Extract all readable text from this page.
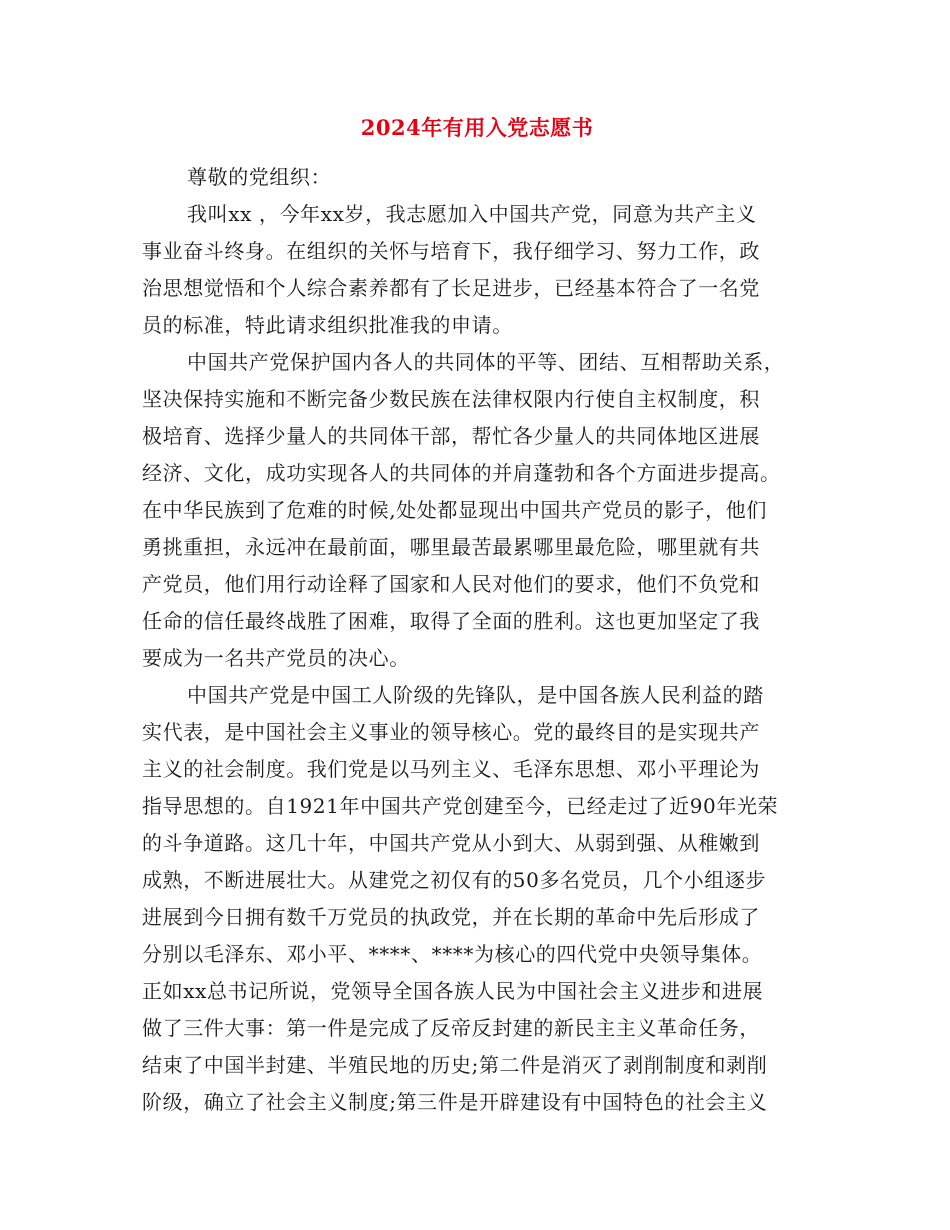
2024年有用入党志愿书
尊敬的党组织：
我叫xx ，今年xx岁，我志愿加入中国共产党，同意为共产主义
事业奋斗终身。在组织的关怀与培育下，我仔细学习、努力工作，政
治思想觉悟和个人综合素养都有了长足进步，已经基本符合了一名党
员的标准，特此请求组织批准我的申请。
中国共产党保护国内各人的共同体的平等、团结、互相帮助关系，
坚决保持实施和不断完备少数民族在法律权限内行使自主权制度，积
极培育、选择少量人的共同体干部，帮忙各少量人的共同体地区进展
经济、文化，成功实现各人的共同体的并肩蓬勃和各个方面进步提高。
在中华民族到了危难的时候,处处都显现出中国共产党员的影子，他们
勇挑重担，永远冲在最前面，哪里最苦最累哪里最危险，哪里就有共
产党员，他们用行动诠释了国家和人民对他们的要求，他们不负党和
任命的信任最终战胜了困难，取得了全面的胜利。这也更加坚定了我
要成为一名共产党员的决心。
中国共产党是中国工人阶级的先锋队，是中国各族人民利益的踏
实代表，是中国社会主义事业的领导核心。党的最终目的是实现共产
主义的社会制度。我们党是以马列主义、毛泽东思想、邓小平理论为
指导思想的。自1921年中国共产党创建至今，已经走过了近90年光荣
的斗争道路。这几十年，中国共产党从小到大、从弱到强、从稚嫩到
成熟，不断进展壮大。从建党之初仅有的50多名党员，几个小组逐步
进展到今日拥有数千万党员的执政党，并在长期的革命中先后形成了
分别以毛泽东、邓小平、****、****为核心的四代党中央领导集体。
正如xx总书记所说，党领导全国各族人民为中国社会主义进步和进展
做了三件大事：第一件是完成了反帝反封建的新民主主义革命任务，
结束了中国半封建、半殖民地的历史;第二件是消灭了剥削制度和剥削
阶级，确立了社会主义制度;第三件是开辟建设有中国特色的社会主义
